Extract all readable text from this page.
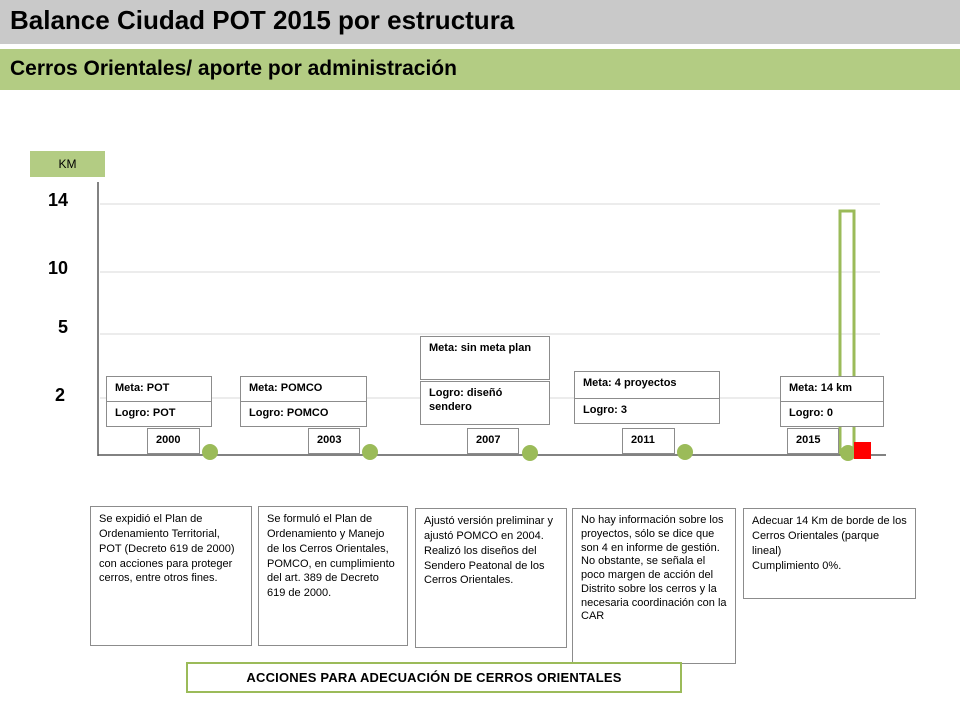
Balance Ciudad POT 2015 por estructura
Cerros Orientales/ aporte por administración
KM
14
10
5
2	Meta: POT
Logro: POT
2000
Meta: POMCO
Logro: POMCO
2003
Meta: sin meta plan
Logro: diseñó sendero
2007
Meta: 4 proyectos
Logro: 3
2011
Meta: 14 km
Logro: 0
2015
Se expidió el Plan de Ordenamiento Territorial, POT (Decreto 619 de 2000) con acciones para proteger cerros, entre otros fines.
Se formuló el Plan de Ordenamiento y Manejo de los Cerros Orientales, POMCO, en cumplimiento del art. 389 de Decreto 619 de 2000.
Ajustó versión preliminar y ajustó POMCO en 2004. Realizó los diseños del Sendero Peatonal de los Cerros Orientales.
No hay información sobre los proyectos, sólo se dice que son 4 en informe de gestión. No obstante, se señala el poco margen de acción del Distrito sobre los cerros y la necesaria coordinación con la CAR
Adecuar 14 Km de borde de los Cerros Orientales (parque lineal)
Cumplimiento 0%.
ACCIONES PARA ADECUACIÓN DE CERROS ORIENTALES
